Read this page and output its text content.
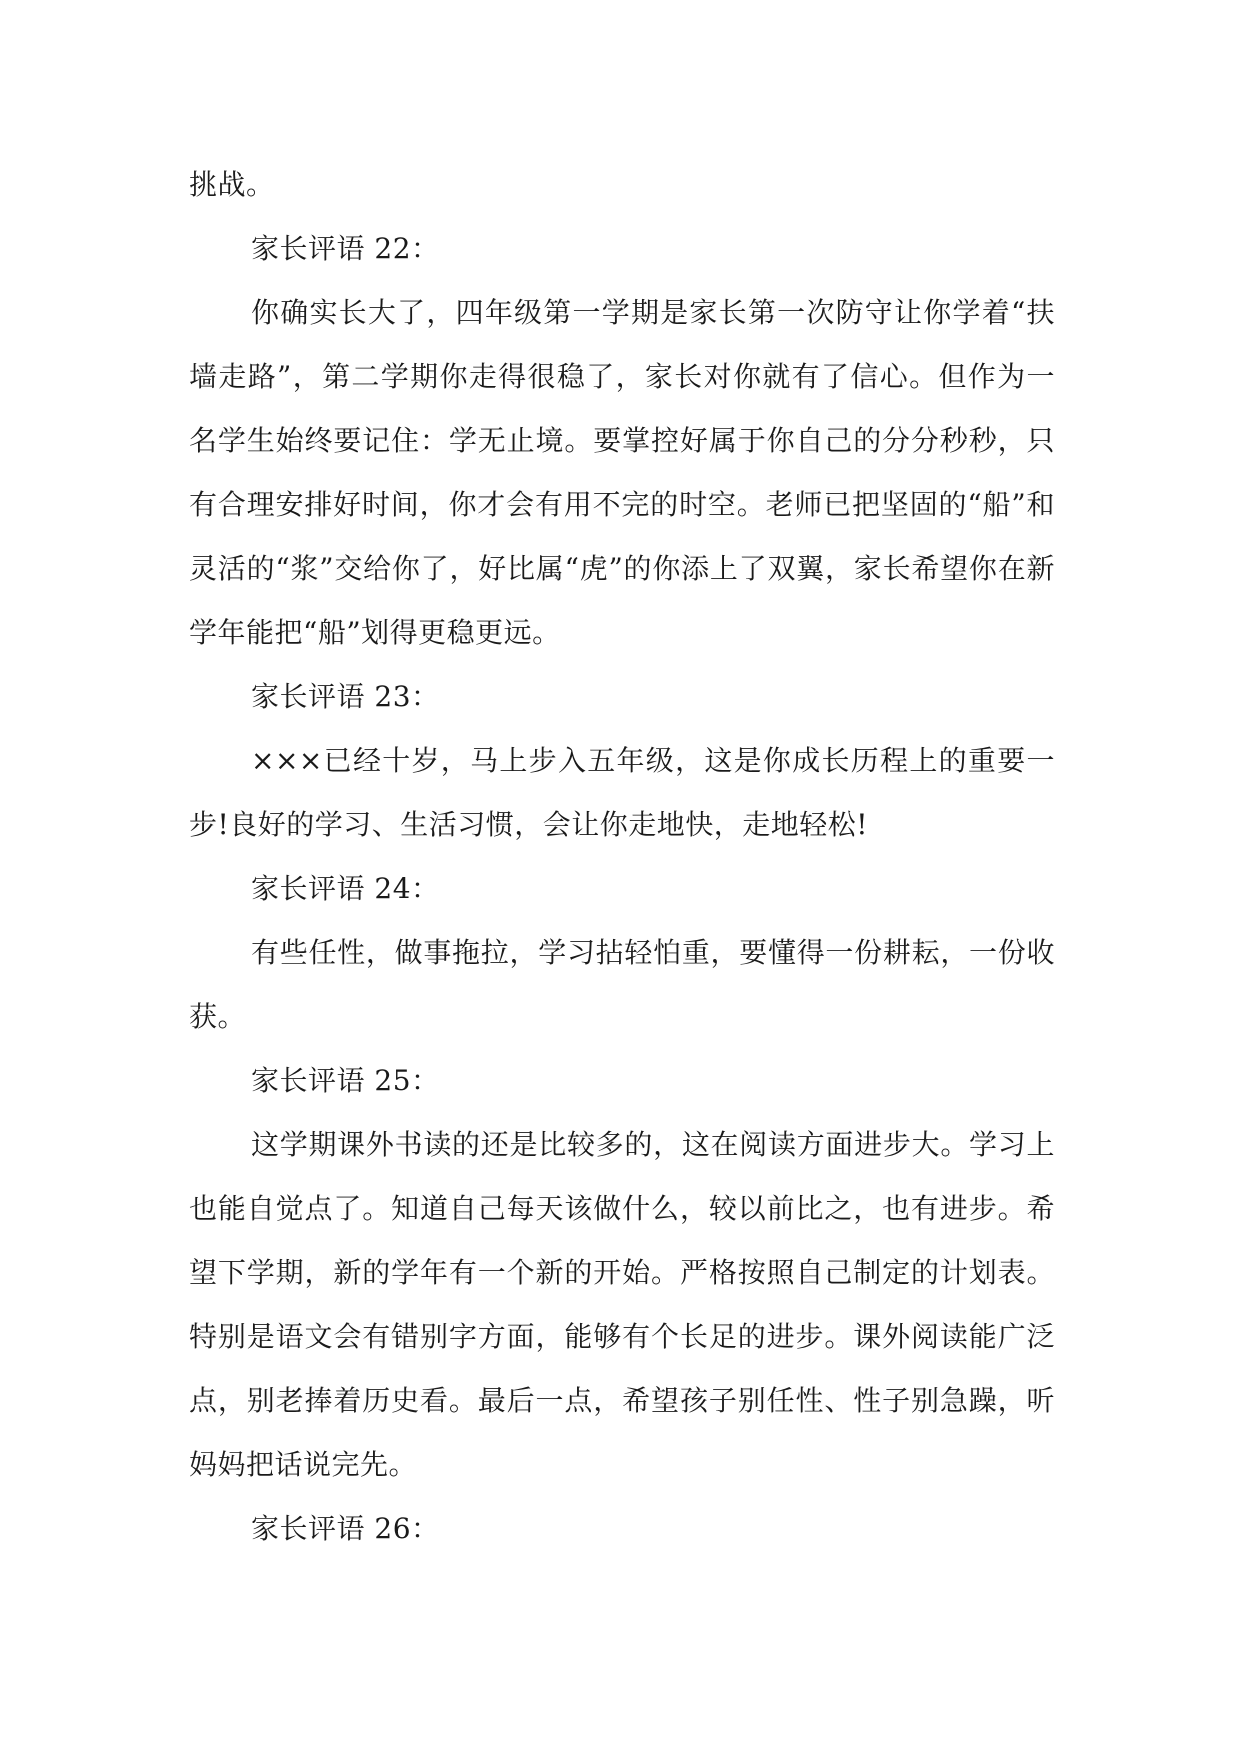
挑战。

家长评语 22：

你确实长大了，四年级第一学期是家长第一次防守让你学着“扶墙走路”，第二学期你走得很稳了，家长对你就有了信心。但作为一名学生始终要记住：学无止境。要掌控好属于你自己的分分秒秒，只有合理安排好时间，你才会有用不完的时空。老师已把坚固的“船”和灵活的“浆”交给你了，好比属“虎”的你添上了双翼，家长希望你在新学年能把“船”划得更稳更远。

家长评语 23：

×××已经十岁，马上步入五年级，这是你成长历程上的重要一步!良好的学习、生活习惯，会让你走地快，走地轻松!

家长评语 24：

有些任性，做事拖拉，学习拈轻怕重，要懂得一份耕耘，一份收获。

家长评语 25：

这学期课外书读的还是比较多的，这在阅读方面进步大。学习上也能自觉点了。知道自己每天该做什么，较以前比之，也有进步。希望下学期，新的学年有一个新的开始。严格按照自己制定的计划表。特别是语文会有错别字方面，能够有个长足的进步。课外阅读能广泛点，别老捧着历史看。最后一点，希望孩子别任性、性子别急躁，听妈妈把话说完先。

家长评语 26：
